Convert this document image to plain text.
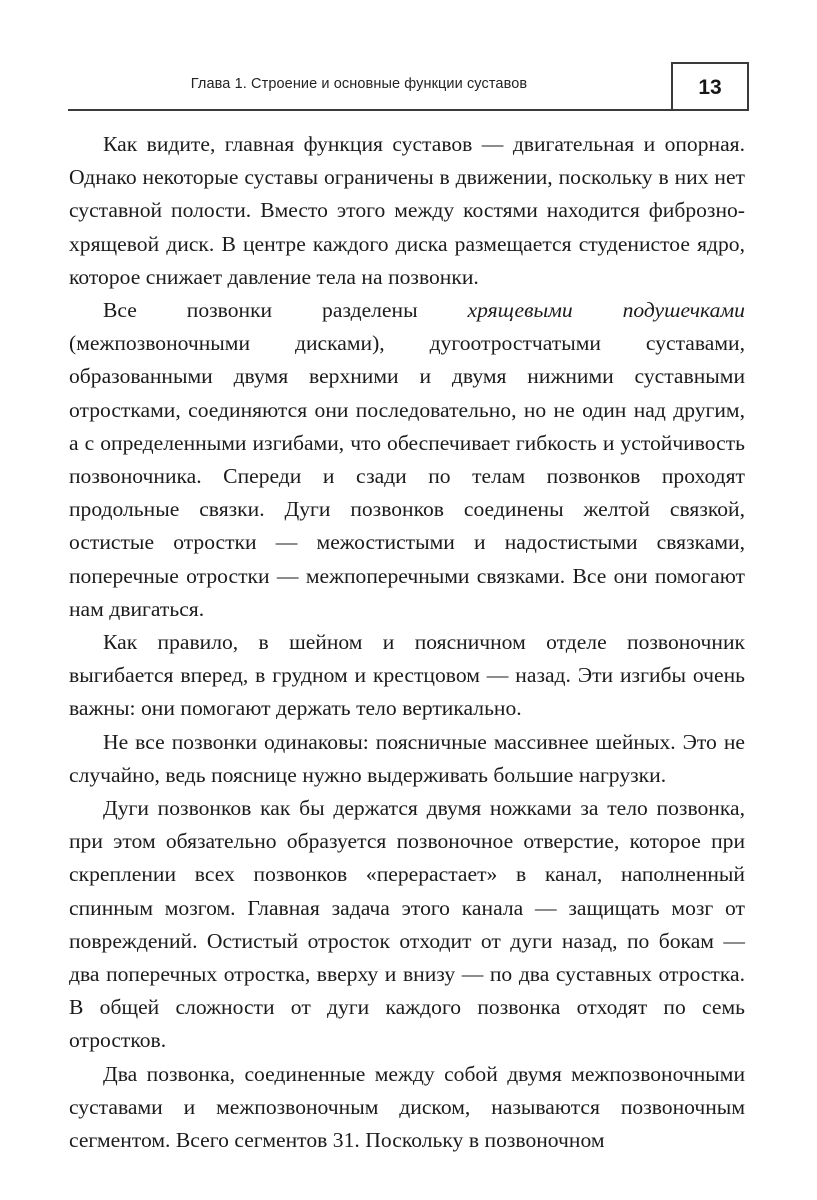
Глава 1. Строение и основные функции суставов	13

Как видите, главная функция суставов — двигательная и опорная. Однако некоторые суставы ограничены в движении, поскольку в них нет суставной полости. Вместо этого между костями находится фиброзно-хрящевой диск. В центре каждого диска размещается студенистое ядро, которое снижает давление тела на позвонки.

Все позвонки разделены хрящевыми подушечками (межпозвоночными дисками), дугоотростчатыми суставами, образованными двумя верхними и двумя нижними суставными отростками, соединяются они последовательно, но не один над другим, а с определенными изгибами, что обеспечивает гибкость и устойчивость позвоночника. Спереди и сзади по телам позвонков проходят продольные связки. Дуги позвонков соединены желтой связкой, остистые отростки — межостистыми и надостистыми связками, поперечные отростки — межпоперечными связками. Все они помогают нам двигаться.

Как правило, в шейном и поясничном отделе позвоночник выгибается вперед, в грудном и крестцовом — назад. Эти изгибы очень важны: они помогают держать тело вертикально.

Не все позвонки одинаковы: поясничные массивнее шейных. Это не случайно, ведь пояснице нужно выдерживать большие нагрузки.

Дуги позвонков как бы держатся двумя ножками за тело позвонка, при этом обязательно образуется позвоночное отверстие, которое при скреплении всех позвонков «перерастает» в канал, наполненный спинным мозгом. Главная задача этого канала — защищать мозг от повреждений. Остистый отросток отходит от дуги назад, по бокам — два поперечных отростка, вверху и внизу — по два суставных отростка. В общей сложности от дуги каждого позвонка отходят по семь отростков.

Два позвонка, соединенные между собой двумя межпозвоночными суставами и межпозвоночным диском, называются позвоночным сегментом. Всего сегментов 31. Поскольку в позвоночном
